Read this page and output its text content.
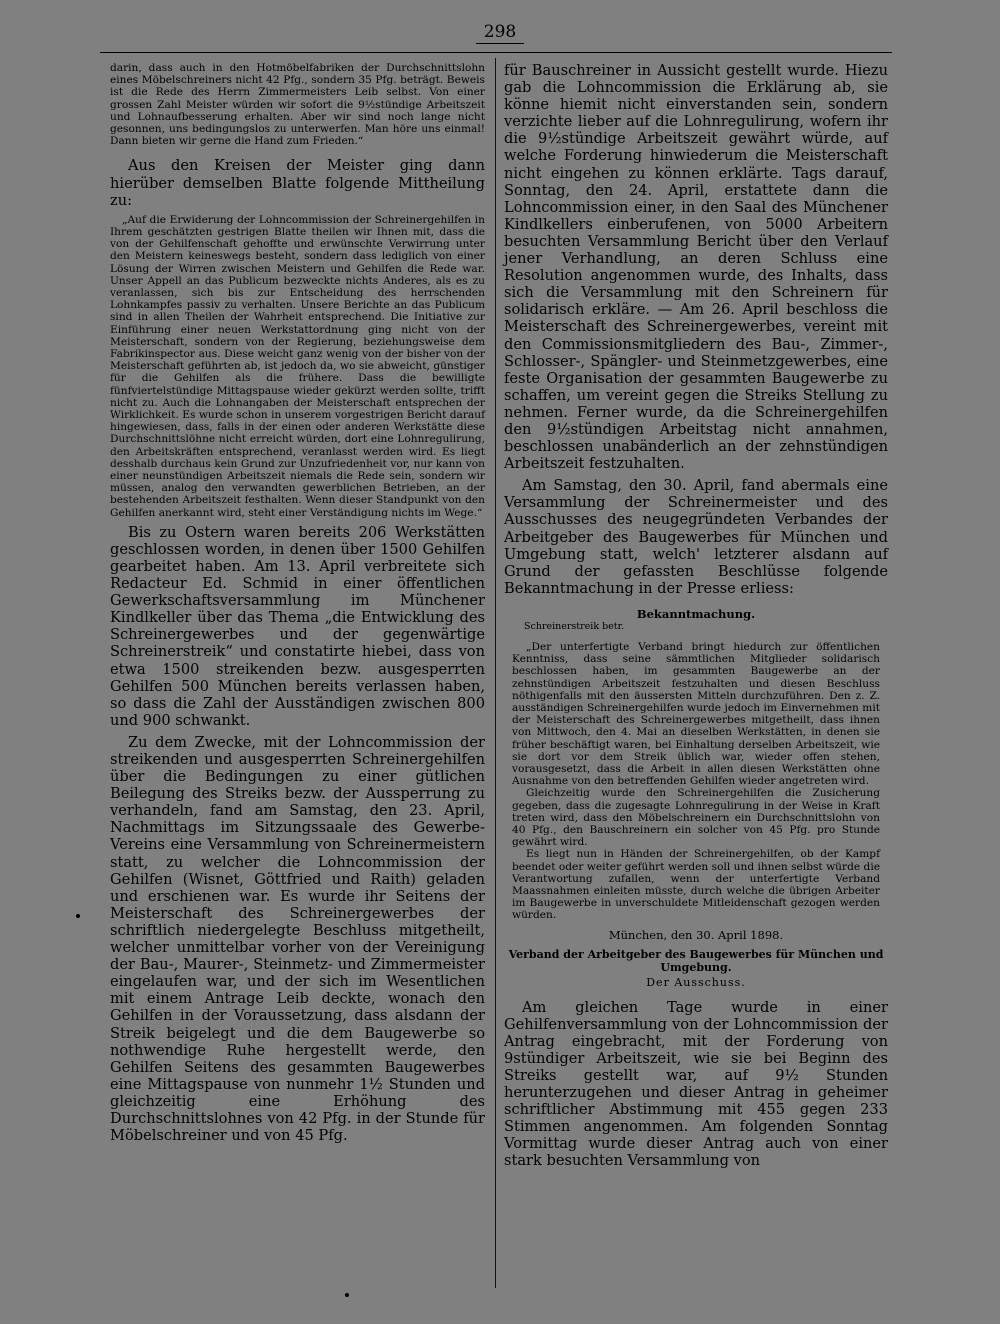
298

darin, dass auch in den Hotmöbelfabriken der Durchschnittslohn eines Möbelschreiners nicht 42 Pfg., sondern 35 Pfg. beträgt. Beweis ist die Rede des Herrn Zimmermeisters Leib selbst. Von einer grossen Zahl Meister würden wir sofort die 9½stündige Arbeitszeit und Lohnaufbesserung erhalten. Aber wir sind noch lange nicht gesonnen, uns bedingungslos zu unterwerfen. Man höre uns einmal! Dann bieten wir gerne die Hand zum Frieden.“

Aus den Kreisen der Meister ging dann hierüber demselben Blatte folgende Mittheilung zu:

„Auf die Erwiderung der Lohncommission der Schreinergehilfen in Ihrem geschätzten gestrigen Blatte theilen wir Ihnen mit, dass die von der Gehilfenschaft gehoffte und erwünschte Verwirrung unter den Meistern keineswegs besteht, sondern dass lediglich von einer Lösung der Wirren zwischen Meistern und Gehilfen die Rede war. Unser Appell an das Publicum bezweckte nichts Anderes, als es zu veranlassen, sich bis zur Entscheidung des herrschenden Lohnkampfes passiv zu verhalten. Unsere Berichte an das Publicum sind in allen Theilen der Wahrheit entsprechend. Die Initiative zur Einführung einer neuen Werkstattordnung ging nicht von der Meisterschaft, sondern von der Regierung, beziehungsweise dem Fabrikinspector aus. Diese weicht ganz wenig von der bisher von der Meisterschaft geführten ab, ist jedoch da, wo sie abweicht, günstiger für die Gehilfen als die frühere. Dass die bewilligte fünfviertelstündige Mittagspause wieder gekürzt werden sollte, trifft nicht zu. Auch die Lohnangaben der Meisterschaft entsprechen der Wirklichkeit. Es wurde schon in unserem vorgestrigen Bericht darauf hingewiesen, dass, falls in der einen oder anderen Werkstätte diese Durchschnittslöhne nicht erreicht würden, dort eine Lohnregulirung, den Arbeitskräften entsprechend, veranlasst werden wird. Es liegt desshalb durchaus kein Grund zur Unzufriedenheit vor, nur kann von einer neunstündigen Arbeitszeit niemals die Rede sein, sondern wir müssen, analog den verwandten gewerblichen Betrieben, an der bestehenden Arbeitszeit festhalten. Wenn dieser Standpunkt von den Gehilfen anerkannt wird, steht einer Verständigung nichts im Wege.“

Bis zu Ostern waren bereits 206 Werkstätten geschlossen worden, in denen über 1500 Gehilfen gearbeitet haben. Am 13. April verbreitete sich Redacteur Ed. Schmid in einer öffentlichen Gewerkschaftsversammlung im Münchener Kindlkeller über das Thema „die Entwicklung des Schreinergewerbes und der gegenwärtige Schreinerstreik“ und constatirte hiebei, dass von etwa 1500 streikenden bezw. ausgesperrten Gehilfen 500 München bereits verlassen haben, so dass die Zahl der Ausständigen zwischen 800 und 900 schwankt.

Zu dem Zwecke, mit der Lohncommission der streikenden und ausgesperrten Schreinergehilfen über die Bedingungen zu einer gütlichen Beilegung des Streiks bezw. der Aussperrung zu verhandeln, fand am Samstag, den 23. April, Nachmittags im Sitzungssaale des Gewerbe-Vereins eine Versammlung von Schreinermeistern statt, zu welcher die Lohncommission der Gehilfen (Wisnet, Göttfried und Raith) geladen und erschienen war. Es wurde ihr Seitens der Meisterschaft des Schreinergewerbes der schriftlich niedergelegte Beschluss mitgetheilt, welcher unmittelbar vorher von der Vereinigung der Bau-, Maurer-, Steinmetz- und Zimmermeister eingelaufen war, und der sich im Wesentlichen mit einem Antrage Leib deckte, wonach den Gehilfen in der Voraussetzung, dass alsdann der Streik beigelegt und die dem Baugewerbe so nothwendige Ruhe hergestellt werde, den Gehilfen Seitens des gesammten Baugewerbes eine Mittagspause von nunmehr 1½ Stunden und gleichzeitig eine Erhöhung des Durchschnittslohnes von 42 Pfg. in der Stunde für Möbelschreiner und von 45 Pfg.

für Bauschreiner in Aussicht gestellt wurde. Hiezu gab die Lohncommission die Erklärung ab, sie könne hiemit nicht einverstanden sein, sondern verzichte lieber auf die Lohnregulirung, wofern ihr die 9½stündige Arbeitszeit gewährt würde, auf welche Forderung hinwiederum die Meisterschaft nicht eingehen zu können erklärte. Tags darauf, Sonntag, den 24. April, erstattete dann die Lohncommission einer, in den Saal des Münchener Kindlkellers einberufenen, von 5000 Arbeitern besuchten Versammlung Bericht über den Verlauf jener Verhandlung, an deren Schluss eine Resolution angenommen wurde, des Inhalts, dass sich die Versammlung mit den Schreinern für solidarisch erkläre. — Am 26. April beschloss die Meisterschaft des Schreinergewerbes, vereint mit den Commissionsmitgliedern des Bau-, Zimmer-, Schlosser-, Spängler- und Steinmetzgewerbes, eine feste Organisation der gesammten Baugewerbe zu schaffen, um vereint gegen die Streiks Stellung zu nehmen. Ferner wurde, da die Schreinergehilfen den 9½stündigen Arbeitstag nicht annahmen, beschlossen unabänderlich an der zehnstündigen Arbeitszeit festzuhalten.

Am Samstag, den 30. April, fand abermals eine Versammlung der Schreinermeister und des Ausschusses des neugegründeten Verbandes der Arbeitgeber des Baugewerbes für München und Umgebung statt, welch' letzterer alsdann auf Grund der gefassten Beschlüsse folgende Bekanntmachung in der Presse erliess:

Bekanntmachung.
Schreinerstreik betr.

„Der unterfertigte Verband bringt hiedurch zur öffentlichen Kenntniss, dass seine sämmtlichen Mitglieder solidarisch beschlossen haben, im gesammten Baugewerbe an der zehnstündigen Arbeitszeit festzuhalten und diesen Beschluss nöthigenfalls mit den äussersten Mitteln durchzuführen. Den z. Z. ausständigen Schreinergehilfen wurde jedoch im Einvernehmen mit der Meisterschaft des Schreinergewerbes mitgetheilt, dass ihnen von Mittwoch, den 4. Mai an dieselben Werkstätten, in denen sie früher beschäftigt waren, bei Einhaltung derselben Arbeitszeit, wie sie dort vor dem Streik üblich war, wieder offen stehen, vorausgesetzt, dass die Arbeit in allen diesen Werkstätten ohne Ausnahme von den betreffenden Gehilfen wieder angetreten wird.

Gleichzeitig wurde den Schreinergehilfen die Zusicherung gegeben, dass die zugesagte Lohnregulirung in der Weise in Kraft treten wird, dass den Möbelschreinern ein Durchschnittslohn von 40 Pfg., den Bauschreinern ein solcher von 45 Pfg. pro Stunde gewährt wird.

Es liegt nun in Händen der Schreinergehilfen, ob der Kampf beendet oder weiter geführt werden soll und ihnen selbst würde die Verantwortung zufallen, wenn der unterfertigte Verband Maassnahmen einleiten müsste, durch welche die übrigen Arbeiter im Baugewerbe in unverschuldete Mitleidenschaft gezogen werden würden.

München, den 30. April 1898.
Verband der Arbeitgeber des Baugewerbes für München und Umgebung.
Der Ausschuss.

Am gleichen Tage wurde in einer Gehilfenversammlung von der Lohncommission der Antrag eingebracht, mit der Forderung von 9stündiger Arbeitszeit, wie sie bei Beginn des Streiks gestellt war, auf 9½ Stunden herunterzugehen und dieser Antrag in geheimer schriftlicher Abstimmung mit 455 gegen 233 Stimmen angenommen. Am folgenden Sonntag Vormittag wurde dieser Antrag auch von einer stark besuchten Versammlung von
